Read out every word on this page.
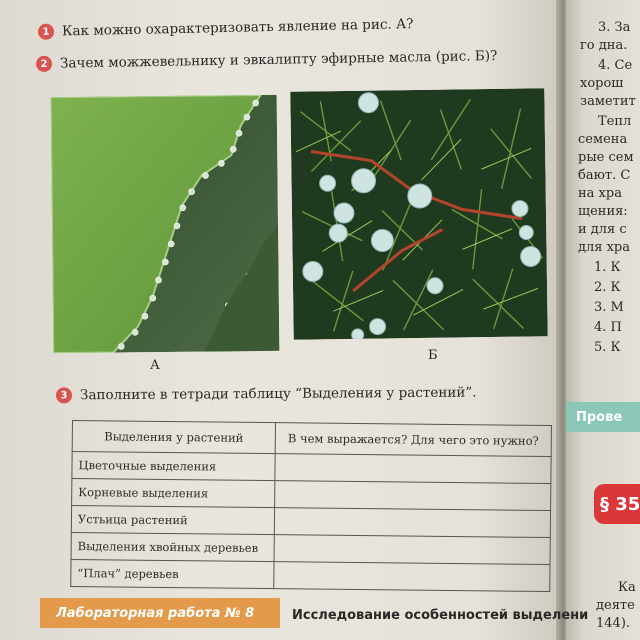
1 Как можно охарактеризовать явление на рис. А?
2 Зачем можжевельнику и эвкалипту эфирные масла (рис. Б)?
А
Б
3 Заполните в тетради таблицу “Выделения у растений”.
Выделения у растений	В чем выражается? Для чего это нужно?
Цветочные выделения	
Корневые выделения	
Устьица растений	
Выделения хвойных деревьев	
“Плач” деревьев	
Лабораторная работа № 8	Исследование особенностей выделени
3. За
го дна.
4. Се
хорош
заметит
Тепл
семена
рые сем
бают. С
на хра
щения:
и для с
для хра
1. К
2. К
3. М
4. П
5. К
Прове
§ 35
Ка
деяте
144).
